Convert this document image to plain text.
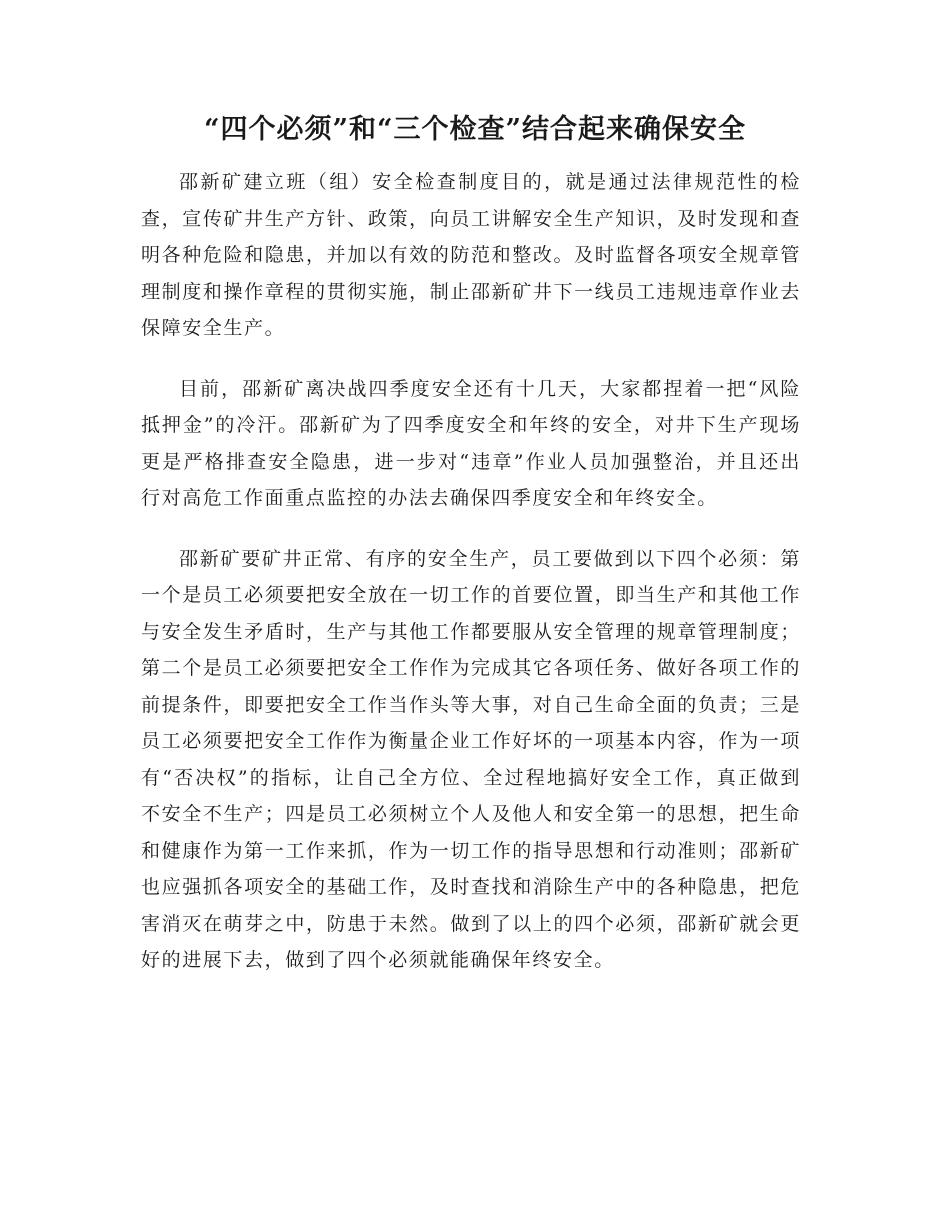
“四个必须”和“三个检查”结合起来确保安全

邵新矿建立班（组）安全检查制度目的，就是通过法律规范性的检查，宣传矿井生产方针、政策，向员工讲解安全生产知识，及时发现和查明各种危险和隐患，并加以有效的防范和整改。及时监督各项安全规章管理制度和操作章程的贯彻实施，制止邵新矿井下一线员工违规违章作业去保障安全生产。

目前，邵新矿离决战四季度安全还有十几天，大家都捏着一把“风险抵押金”的冷汗。邵新矿为了四季度安全和年终的安全，对井下生产现场更是严格排查安全隐患，进一步对“违章”作业人员加强整治，并且还出行对高危工作面重点监控的办法去确保四季度安全和年终安全。

邵新矿要矿井正常、有序的安全生产，员工要做到以下四个必须：第一个是员工必须要把安全放在一切工作的首要位置，即当生产和其他工作与安全发生矛盾时，生产与其他工作都要服从安全管理的规章管理制度；第二个是员工必须要把安全工作作为完成其它各项任务、做好各项工作的前提条件，即要把安全工作当作头等大事，对自己生命全面的负责；三是员工必须要把安全工作作为衡量企业工作好坏的一项基本内容，作为一项有“否决权”的指标，让自己全方位、全过程地搞好安全工作，真正做到不安全不生产；四是员工必须树立个人及他人和安全第一的思想，把生命和健康作为第一工作来抓，作为一切工作的指导思想和行动准则；邵新矿也应强抓各项安全的基础工作，及时查找和消除生产中的各种隐患，把危害消灭在萌芽之中，防患于未然。做到了以上的四个必须，邵新矿就会更好的进展下去，做到了四个必须就能确保年终安全。
